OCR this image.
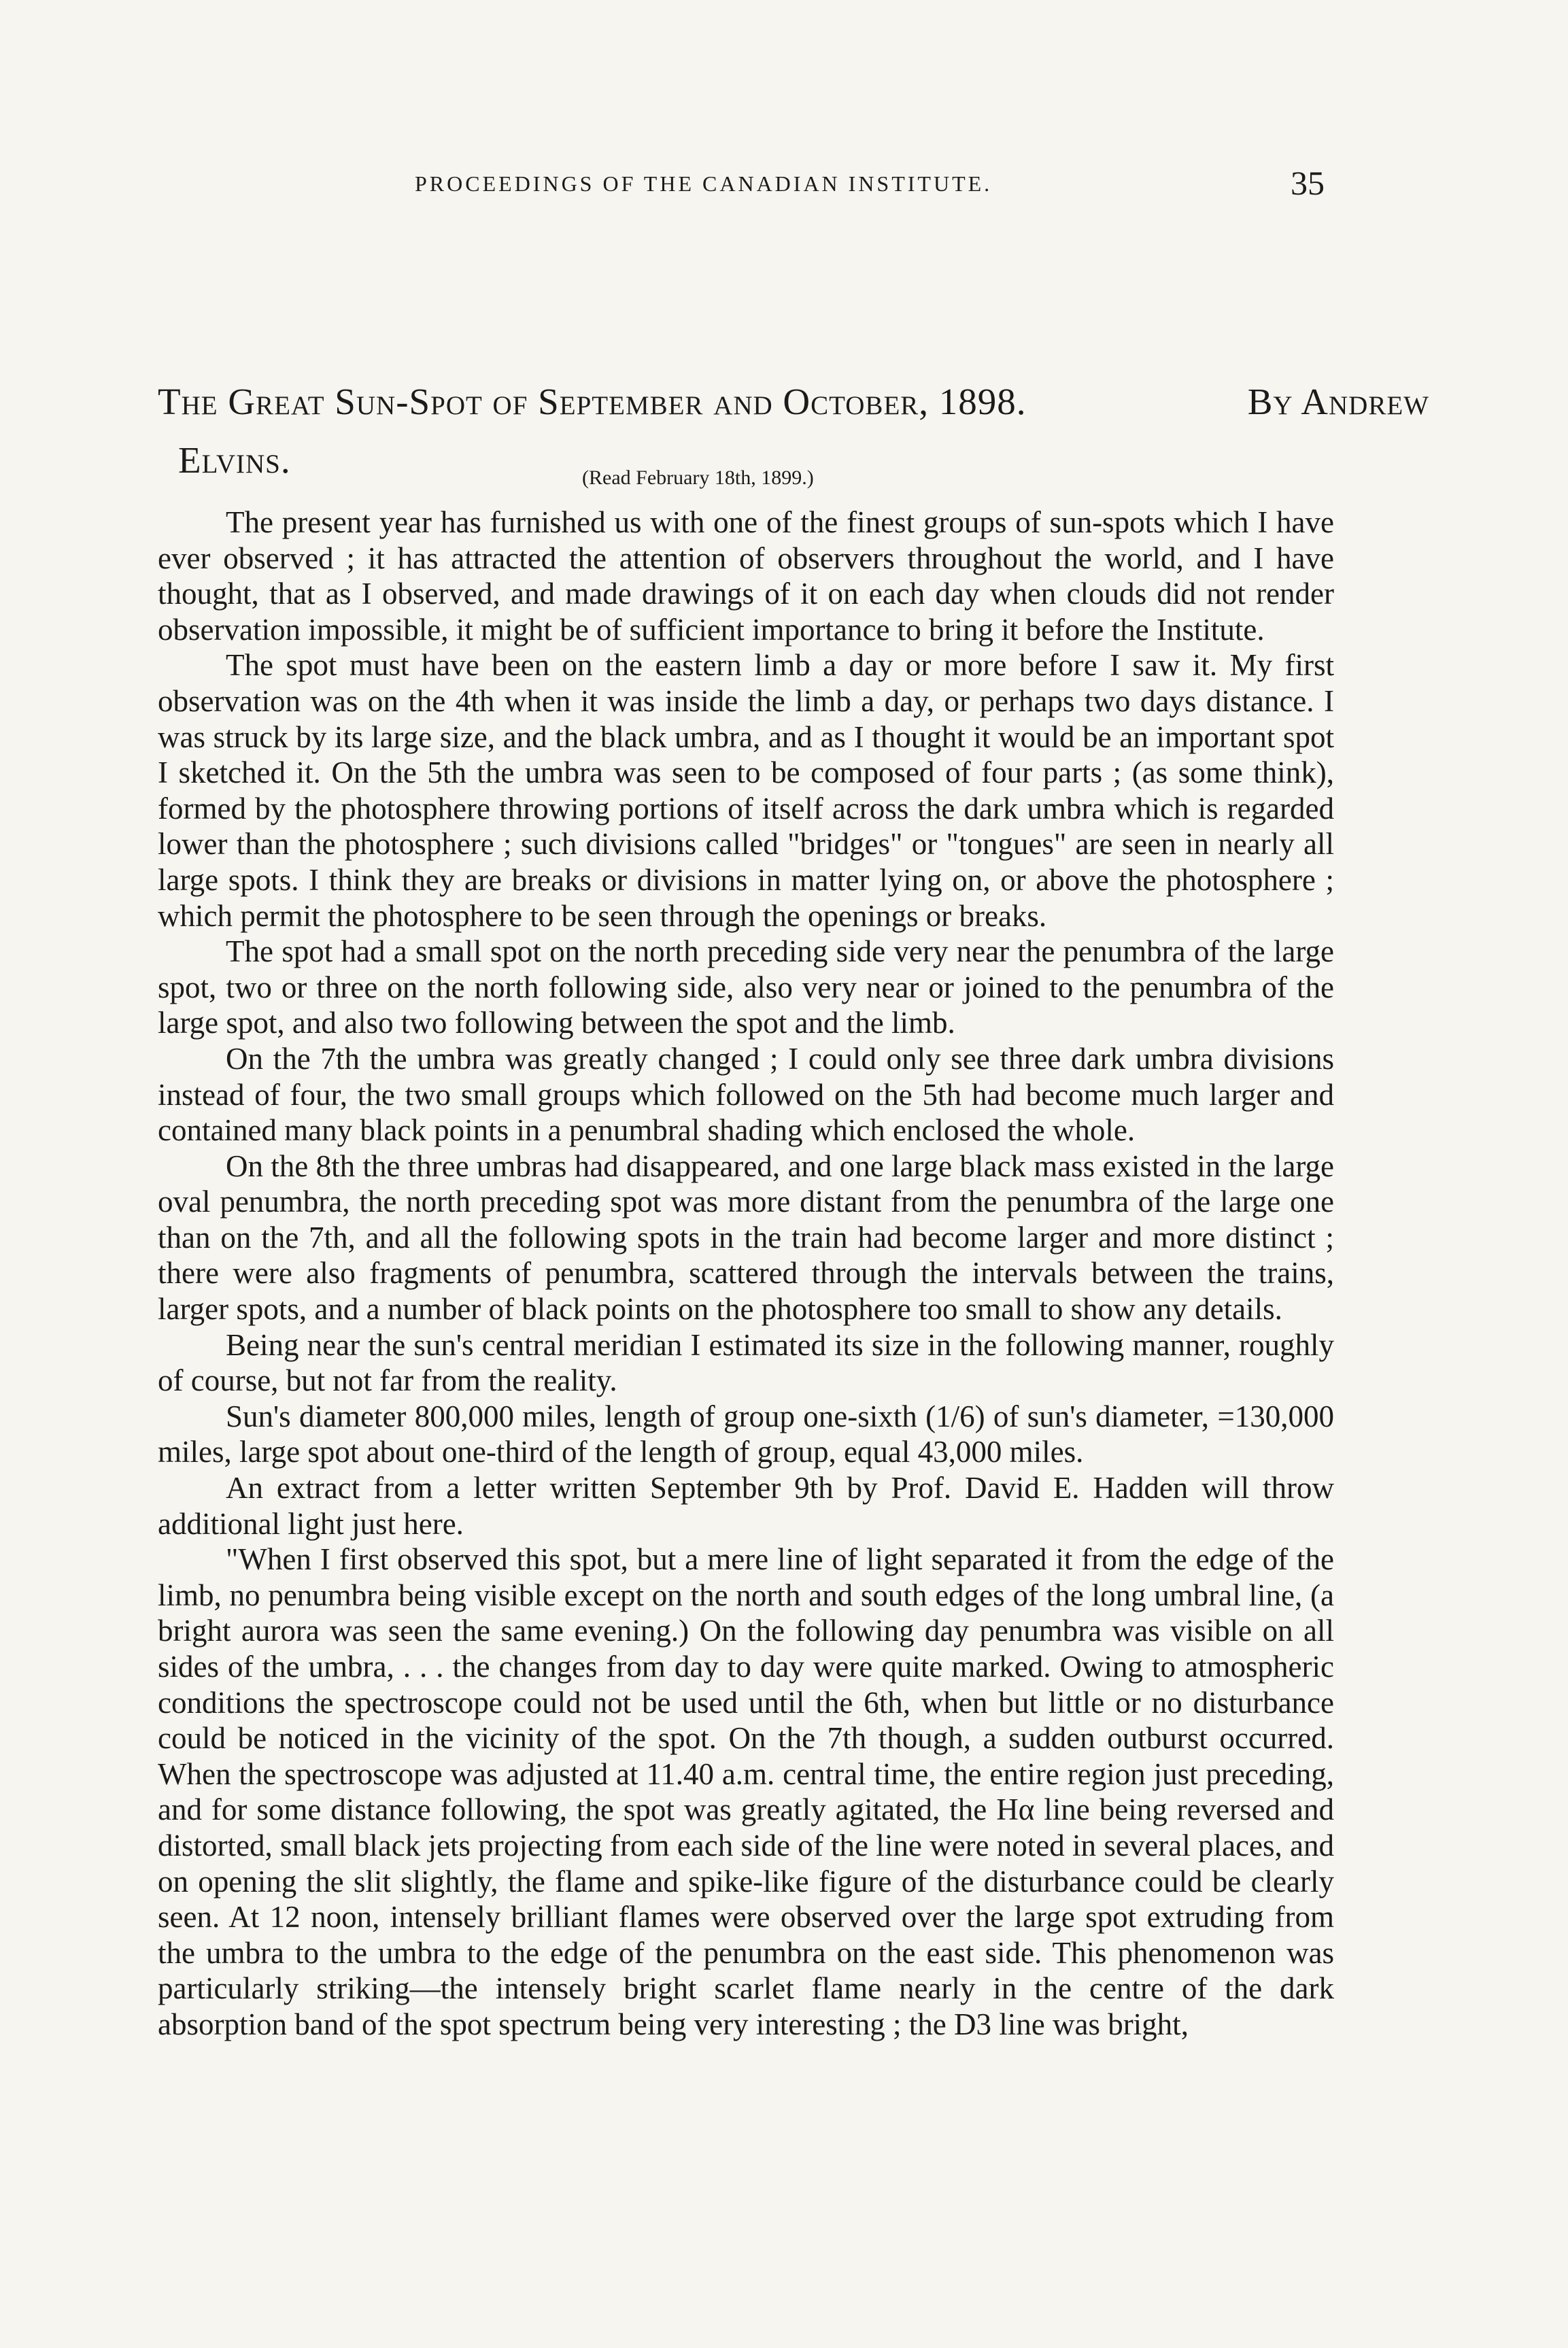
PROCEEDINGS OF THE CANADIAN INSTITUTE.	35
The Great Sun-Spot of September and October, 1898.	By Andrew
Elvins.	(Read February 18th, 1899.)

The present year has furnished us with one of the finest groups of sun-spots which I have ever observed ; it has attracted the attention of observers throughout the world, and I have thought, that as I observed, and made drawings of it on each day when clouds did not render observation impossible, it might be of sufficient importance to bring it before the Institute.

The spot must have been on the eastern limb a day or more before I saw it. My first observation was on the 4th when it was inside the limb a day, or perhaps two days distance. I was struck by its large size, and the black umbra, and as I thought it would be an important spot I sketched it. On the 5th the umbra was seen to be composed of four parts ; (as some think), formed by the photosphere throwing portions of itself across the dark umbra which is regarded lower than the photosphere ; such divisions called "bridges" or "tongues" are seen in nearly all large spots. I think they are breaks or divisions in matter lying on, or above the photosphere ; which permit the photosphere to be seen through the openings or breaks.

The spot had a small spot on the north preceding side very near the penumbra of the large spot, two or three on the north following side, also very near or joined to the penumbra of the large spot, and also two following between the spot and the limb.

On the 7th the umbra was greatly changed ; I could only see three dark umbra divisions instead of four, the two small groups which followed on the 5th had become much larger and contained many black points in a penumbral shading which enclosed the whole.

On the 8th the three umbras had disappeared, and one large black mass existed in the large oval penumbra, the north preceding spot was more distant from the penumbra of the large one than on the 7th, and all the following spots in the train had become larger and more distinct ; there were also fragments of penumbra, scattered through the intervals between the trains, larger spots, and a number of black points on the photosphere too small to show any details.

Being near the sun's central meridian I estimated its size in the following manner, roughly of course, but not far from the reality.

Sun's diameter 800,000 miles, length of group one-sixth (1/6) of sun's diameter, =130,000 miles, large spot about one-third of the length of group, equal 43,000 miles.

An extract from a letter written September 9th by Prof. David E. Hadden will throw additional light just here.

"When I first observed this spot, but a mere line of light separated it from the edge of the limb, no penumbra being visible except on the north and south edges of the long umbral line, (a bright aurora was seen the same evening.) On the following day penumbra was visible on all sides of the umbra, . . . the changes from day to day were quite marked. Owing to atmospheric conditions the spectroscope could not be used until the 6th, when but little or no disturbance could be noticed in the vicinity of the spot. On the 7th though, a sudden outburst occurred. When the spectroscope was adjusted at 11.40 a.m. central time, the entire region just preceding, and for some distance following, the spot was greatly agitated, the Hα line being reversed and distorted, small black jets projecting from each side of the line were noted in several places, and on opening the slit slightly, the flame and spike-like figure of the disturbance could be clearly seen. At 12 noon, intensely brilliant flames were observed over the large spot extruding from the umbra to the umbra to the edge of the penumbra on the east side. This phenomenon was particularly striking—the intensely bright scarlet flame nearly in the centre of the dark absorption band of the spot spectrum being very interesting ; the D3 line was bright,
